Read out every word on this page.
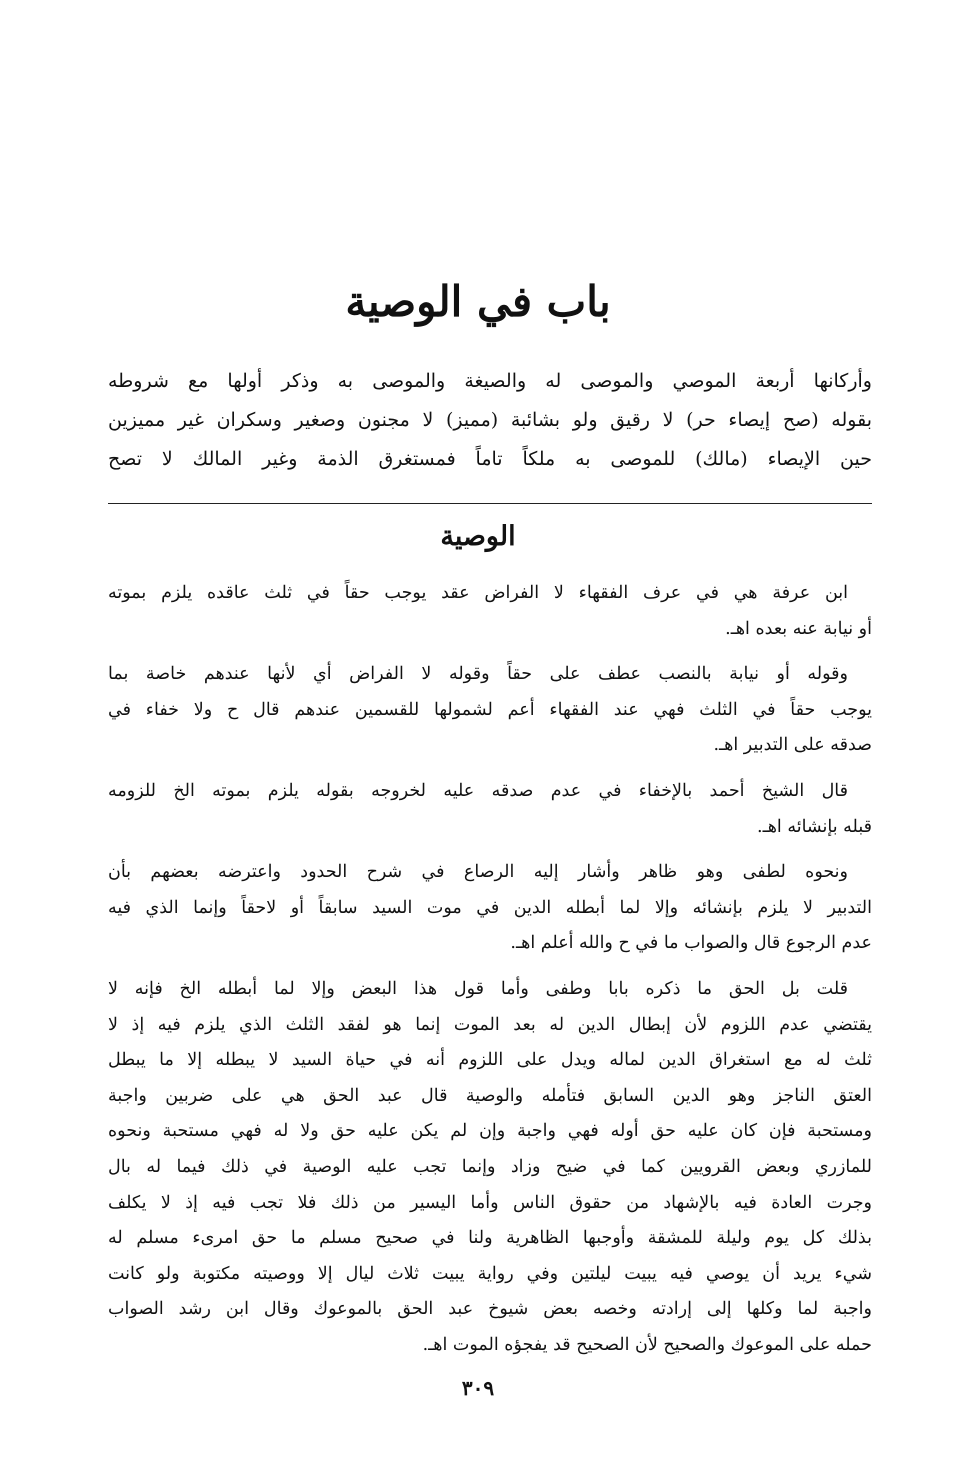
باب في الوصية
وأركانها أربعة الموصي والموصى له والصيغة والموصى به وذكر أولها مع شروطه
بقوله (صح إيصاء حر) لا رقيق ولو بشائبة (مميز) لا مجنون وصغير وسكران غير مميزين
حين الإيصاء (مالك) للموصى به ملكاً تاماً فمستغرق الذمة وغير المالك لا تصح
الوصية
ابن عرفة هي في عرف الفقهاء لا الفراض عقد يوجب حقاً في ثلث عاقده يلزم بموته
أو نيابة عنه بعده اهـ.
وقوله أو نيابة بالنصب عطف على حقاً وقوله لا الفراض أي لأنها عندهم خاصة بما
يوجب حقاً في الثلث فهي عند الفقهاء أعم لشمولها للقسمين عندهم قال ح ولا خفاء في
صدقه على التدبير اهـ.
قال الشيخ أحمد بالإخفاء في عدم صدقه عليه لخروجه بقوله يلزم بموته الخ للزومه
قبله بإنشائه اهـ.
ونحوه لطفى وهو ظاهر وأشار إليه الرصاع في شرح الحدود واعترضه بعضهم بأن
التدبير لا يلزم بإنشائه وإلا لما أبطله الدين في موت السيد سابقاً أو لاحقاً وإنما الذي فيه
عدم الرجوع قال والصواب ما في ح والله أعلم اهـ.
قلت بل الحق ما ذكره بابا وطفى وأما قول هذا البعض وإلا لما أبطله الخ فإنه لا
يقتضي عدم اللزوم لأن إبطال الدين له بعد الموت إنما هو لفقد الثلث الذي يلزم فيه إذ لا
ثلث له مع استغراق الدين لماله ويدل على اللزوم أنه في حياة السيد لا يبطله إلا ما يبطل
العتق الناجز وهو الدين السابق فتأمله والوصية قال عبد الحق هي على ضربين واجبة
ومستحبة فإن كان عليه حق أوله فهي واجبة وإن لم يكن عليه حق ولا له فهي مستحبة ونحوه
للمازري وبعض القرويين كما في ضيح وزاد وإنما تجب عليه الوصية في ذلك فيما له بال
وجرت العادة فيه بالإشهاد من حقوق الناس وأما اليسير من ذلك فلا تجب فيه إذ لا يكلف
بذلك كل يوم وليلة للمشقة وأوجبها الظاهرية ولنا في صحيح مسلم ما حق امرىء مسلم له
شيء يريد أن يوصي فيه يبيت ليلتين وفي رواية يبيت ثلاث ليال إلا ووصيته مكتوبة ولو كانت
واجبة لما وكلها إلى إرادته وخصه بعض شيوخ عبد الحق بالموعوك وقال ابن رشد الصواب
حمله على الموعوك والصحيح لأن الصحيح قد يفجؤه الموت اهـ.
٣٠٩
